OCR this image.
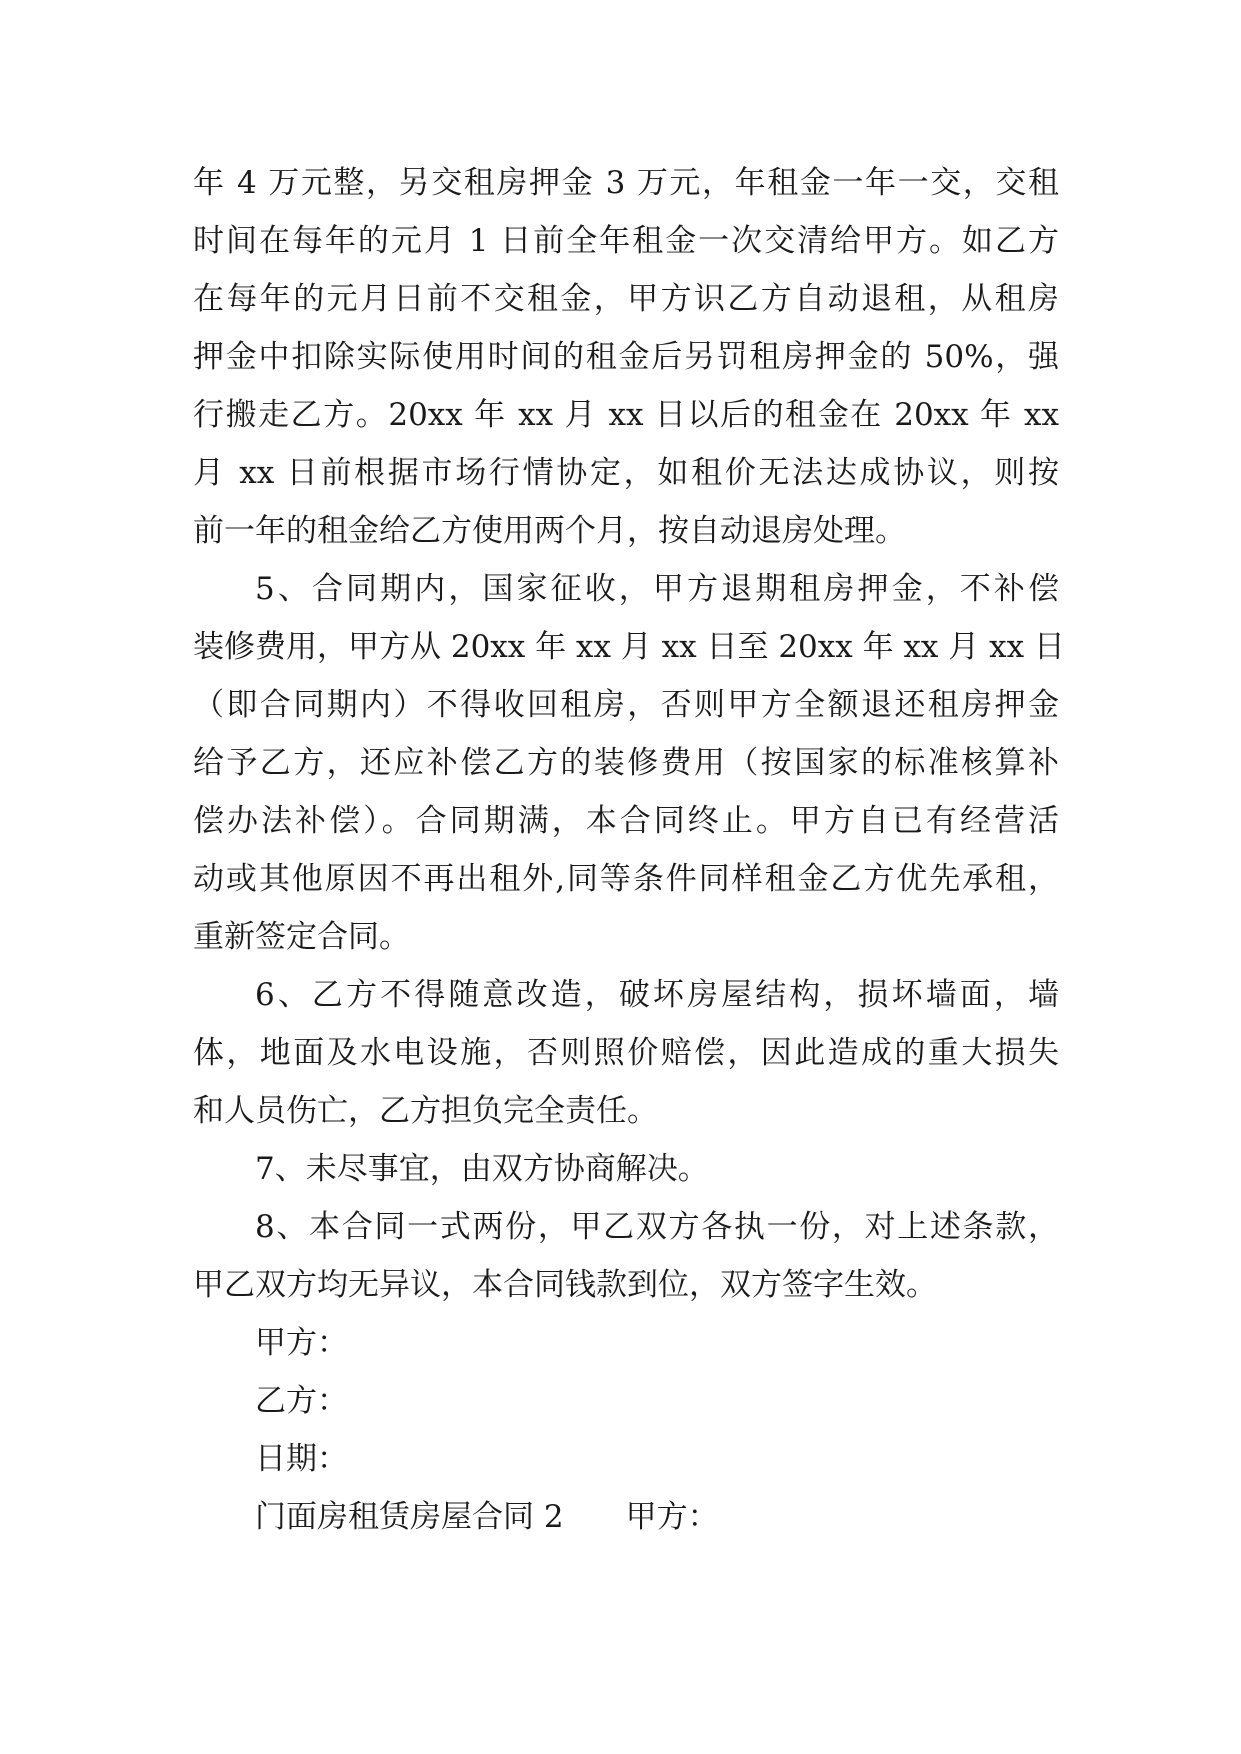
年 4 万元整，另交租房押金 3 万元，年租金一年一交，交租
时间在每年的元月 1 日前全年租金一次交清给甲方。如乙方
在每年的元月日前不交租金，甲方识乙方自动退租，从租房
押金中扣除实际使用时间的租金后另罚租房押金的 50%，强
行搬走乙方。20xx 年 xx 月 xx 日以后的租金在 20xx 年 xx
月 xx 日前根据市场行情协定，如租价无法达成协议，则按
前一年的租金给乙方使用两个月，按自动退房处理。
5、合同期内，国家征收，甲方退期租房押金，不补偿
装修费用，甲方从 20xx 年 xx 月 xx 日至 20xx 年 xx 月 xx 日
（即合同期内）不得收回租房，否则甲方全额退还租房押金
给予乙方，还应补偿乙方的装修费用（按国家的标准核算补
偿办法补偿）。合同期满，本合同终止。甲方自已有经营活
动或其他原因不再出租外,同等条件同样租金乙方优先承租，
重新签定合同。
6、乙方不得随意改造，破坏房屋结构，损坏墙面，墙
体，地面及水电设施，否则照价赔偿，因此造成的重大损失
和人员伤亡，乙方担负完全责任。
7、未尽事宜，由双方协商解决。
8、本合同一式两份，甲乙双方各执一份，对上述条款，
甲乙双方均无异议，本合同钱款到位，双方签字生效。
甲方：
乙方：
日期：
门面房租赁房屋合同 2 甲方：
